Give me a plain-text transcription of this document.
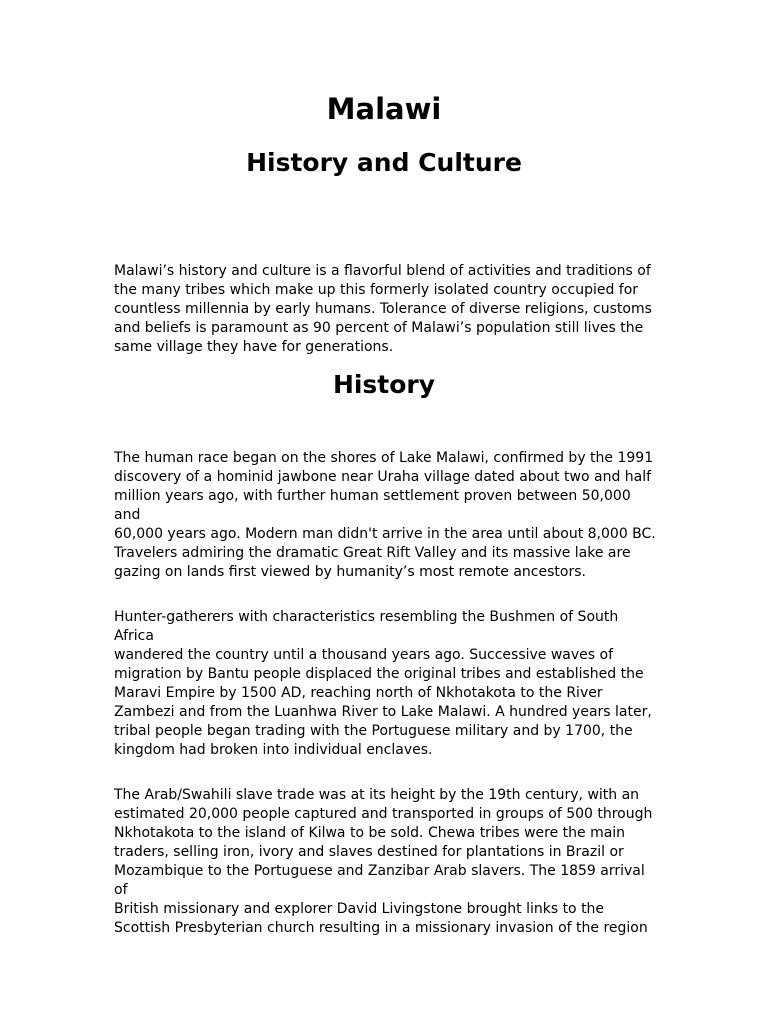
Malawi
History and Culture

Malawi’s history and culture is a flavorful blend of activities and traditions of
the many tribes which make up this formerly isolated country occupied for
countless millennia by early humans. Tolerance of diverse religions, customs
and beliefs is paramount as 90 percent of Malawi’s population still lives the
same village they have for generations.

History

The human race began on the shores of Lake Malawi, confirmed by the 1991
discovery of a hominid jawbone near Uraha village dated about two and half
million years ago, with further human settlement proven between 50,000 and
60,000 years ago. Modern man didn't arrive in the area until about 8,000 BC.
Travelers admiring the dramatic Great Rift Valley and its massive lake are
gazing on lands first viewed by humanity’s most remote ancestors.

Hunter-gatherers with characteristics resembling the Bushmen of South Africa
wandered the country until a thousand years ago. Successive waves of
migration by Bantu people displaced the original tribes and established the
Maravi Empire by 1500 AD, reaching north of Nkhotakota to the River
Zambezi and from the Luanhwa River to Lake Malawi. A hundred years later,
tribal people began trading with the Portuguese military and by 1700, the
kingdom had broken into individual enclaves.

The Arab/Swahili slave trade was at its height by the 19th century, with an
estimated 20,000 people captured and transported in groups of 500 through
Nkhotakota to the island of Kilwa to be sold. Chewa tribes were the main
traders, selling iron, ivory and slaves destined for plantations in Brazil or
Mozambique to the Portuguese and Zanzibar Arab slavers. The 1859 arrival of
British missionary and explorer David Livingstone brought links to the
Scottish Presbyterian church resulting in a missionary invasion of the region
